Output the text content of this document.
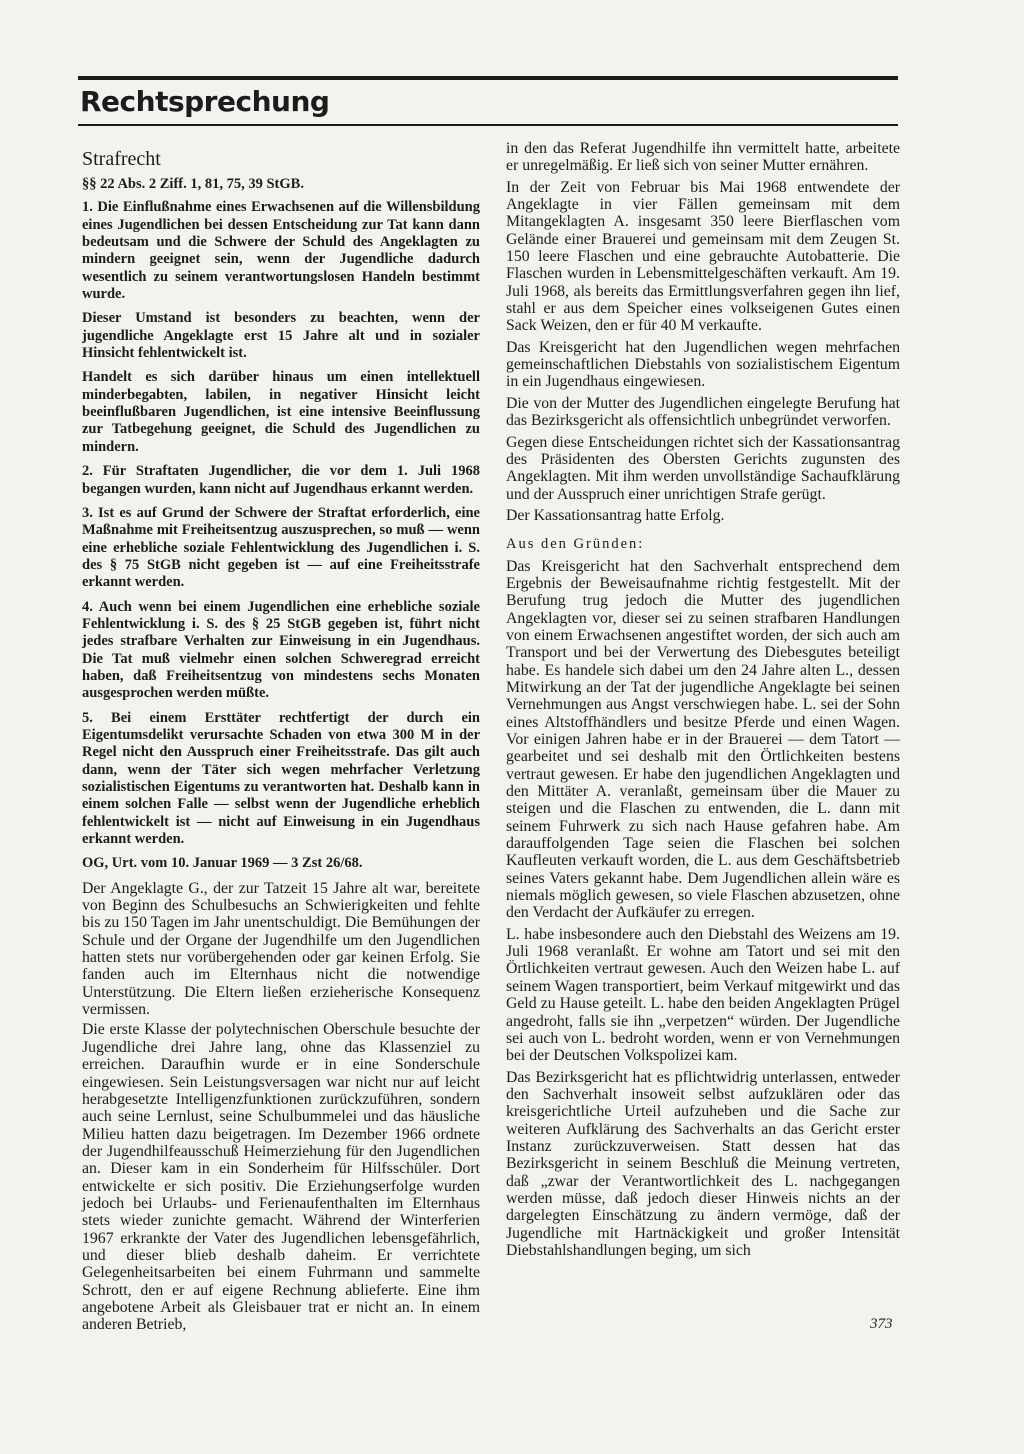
Rechtsprechung
Strafrecht

§§ 22 Abs. 2 Ziff. 1, 81, 75, 39 StGB.

1. Die Einflußnahme eines Erwachsenen auf die Willensbildung eines Jugendlichen bei dessen Entscheidung zur Tat kann dann bedeutsam und die Schwere der Schuld des Angeklagten zu mindern geeignet sein, wenn der Jugendliche dadurch wesentlich zu seinem verantwortungslosen Handeln bestimmt wurde.

Dieser Umstand ist besonders zu beachten, wenn der jugendliche Angeklagte erst 15 Jahre alt und in sozialer Hinsicht fehlentwickelt ist.

Handelt es sich darüber hinaus um einen intellektuell minderbegabten, labilen, in negativer Hinsicht leicht beeinflußbaren Jugendlichen, ist eine intensive Beeinflussung zur Tatbegehung geeignet, die Schuld des Jugendlichen zu mindern.

2. Für Straftaten Jugendlicher, die vor dem 1. Juli 1968 begangen wurden, kann nicht auf Jugendhaus erkannt werden.

3. Ist es auf Grund der Schwere der Straftat erforderlich, eine Maßnahme mit Freiheitsentzug auszusprechen, so muß — wenn eine erhebliche soziale Fehlentwicklung des Jugendlichen i. S. des § 75 StGB nicht gegeben ist — auf eine Freiheitsstrafe erkannt werden.

4. Auch wenn bei einem Jugendlichen eine erhebliche soziale Fehlentwicklung i. S. des § 25 StGB gegeben ist, führt nicht jedes strafbare Verhalten zur Einweisung in ein Jugendhaus. Die Tat muß vielmehr einen solchen Schweregrad erreicht haben, daß Freiheitsentzug von mindestens sechs Monaten ausgesprochen werden müßte.

5. Bei einem Ersttäter rechtfertigt der durch ein Eigentumsdelikt verursachte Schaden von etwa 300 M in der Regel nicht den Ausspruch einer Freiheitsstrafe. Das gilt auch dann, wenn der Täter sich wegen mehrfacher Verletzung sozialistischen Eigentums zu verantworten hat. Deshalb kann in einem solchen Falle — selbst wenn der Jugendliche erheblich fehlentwickelt ist — nicht auf Einweisung in ein Jugendhaus erkannt werden.

OG, Urt. vom 10. Januar 1969 — 3 Zst 26/68.

Der Angeklagte G., der zur Tatzeit 15 Jahre alt war, bereitete von Beginn des Schulbesuchs an Schwierigkeiten und fehlte bis zu 150 Tagen im Jahr unentschuldigt. Die Bemühungen der Schule und der Organe der Jugendhilfe um den Jugendlichen hatten stets nur vorübergehenden oder gar keinen Erfolg. Sie fanden auch im Elternhaus nicht die notwendige Unterstützung. Die Eltern ließen erzieherische Konsequenz vermissen.

Die erste Klasse der polytechnischen Oberschule besuchte der Jugendliche drei Jahre lang, ohne das Klassenziel zu erreichen. Daraufhin wurde er in eine Sonderschule eingewiesen. Sein Leistungsversagen war nicht nur auf leicht herabgesetzte Intelligenzfunktionen zurückzuführen, sondern auch seine Lernlust, seine Schulbummelei und das häusliche Milieu hatten dazu beigetragen. Im Dezember 1966 ordnete der Jugendhilfeausschuß Heimerziehung für den Jugendlichen an. Dieser kam in ein Sonderheim für Hilfsschüler. Dort entwickelte er sich positiv. Die Erziehungserfolge wurden jedoch bei Urlaubs- und Ferienaufenthalten im Elternhaus stets wieder zunichte gemacht. Während der Winterferien 1967 erkrankte der Vater des Jugendlichen lebensgefährlich, und dieser blieb deshalb daheim. Er verrichtete Gelegenheitsarbeiten bei einem Fuhrmann und sammelte Schrott, den er auf eigene Rechnung ablieferte. Eine ihm angebotene Arbeit als Gleisbauer trat er nicht an. In einem anderen Betrieb,

in den das Referat Jugendhilfe ihn vermittelt hatte, arbeitete er unregelmäßig. Er ließ sich von seiner Mutter ernähren.

In der Zeit von Februar bis Mai 1968 entwendete der Angeklagte in vier Fällen gemeinsam mit dem Mitangeklagten A. insgesamt 350 leere Bierflaschen vom Gelände einer Brauerei und gemeinsam mit dem Zeugen St. 150 leere Flaschen und eine gebrauchte Autobatterie. Die Flaschen wurden in Lebensmittelgeschäften verkauft. Am 19. Juli 1968, als bereits das Ermittlungsverfahren gegen ihn lief, stahl er aus dem Speicher eines volkseigenen Gutes einen Sack Weizen, den er für 40 M verkaufte.

Das Kreisgericht hat den Jugendlichen wegen mehrfachen gemeinschaftlichen Diebstahls von sozialistischem Eigentum in ein Jugendhaus eingewiesen.

Die von der Mutter des Jugendlichen eingelegte Berufung hat das Bezirksgericht als offensichtlich unbegründet verworfen.

Gegen diese Entscheidungen richtet sich der Kassationsantrag des Präsidenten des Obersten Gerichts zugunsten des Angeklagten. Mit ihm werden unvollständige Sachaufklärung und der Ausspruch einer unrichtigen Strafe gerügt.

Der Kassationsantrag hatte Erfolg.

Aus den Gründen:

Das Kreisgericht hat den Sachverhalt entsprechend dem Ergebnis der Beweisaufnahme richtig festgestellt. Mit der Berufung trug jedoch die Mutter des jugendlichen Angeklagten vor, dieser sei zu seinen strafbaren Handlungen von einem Erwachsenen angestiftet worden, der sich auch am Transport und bei der Verwertung des Diebesgutes beteiligt habe. Es handele sich dabei um den 24 Jahre alten L., dessen Mitwirkung an der Tat der jugendliche Angeklagte bei seinen Vernehmungen aus Angst verschwiegen habe. L. sei der Sohn eines Altstoffhändlers und besitze Pferde und einen Wagen. Vor einigen Jahren habe er in der Brauerei — dem Tatort — gearbeitet und sei deshalb mit den Örtlichkeiten bestens vertraut gewesen. Er habe den jugendlichen Angeklagten und den Mittäter A. veranlaßt, gemeinsam über die Mauer zu steigen und die Flaschen zu entwenden, die L. dann mit seinem Fuhrwerk zu sich nach Hause gefahren habe. Am darauffolgenden Tage seien die Flaschen bei solchen Kaufleuten verkauft worden, die L. aus dem Geschäftsbetrieb seines Vaters gekannt habe. Dem Jugendlichen allein wäre es niemals möglich gewesen, so viele Flaschen abzusetzen, ohne den Verdacht der Aufkäufer zu erregen.

L. habe insbesondere auch den Diebstahl des Weizens am 19. Juli 1968 veranlaßt. Er wohne am Tatort und sei mit den Örtlichkeiten vertraut gewesen. Auch den Weizen habe L. auf seinem Wagen transportiert, beim Verkauf mitgewirkt und das Geld zu Hause geteilt. L. habe den beiden Angeklagten Prügel angedroht, falls sie ihn „verpetzen“ würden. Der Jugendliche sei auch von L. bedroht worden, wenn er von Vernehmungen bei der Deutschen Volkspolizei kam.

Das Bezirksgericht hat es pflichtwidrig unterlassen, entweder den Sachverhalt insoweit selbst aufzuklären oder das kreisgerichtliche Urteil aufzuheben und die Sache zur weiteren Aufklärung des Sachverhalts an das Gericht erster Instanz zurückzuverweisen. Statt dessen hat das Bezirksgericht in seinem Beschluß die Meinung vertreten, daß „zwar der Verantwortlichkeit des L. nachgegangen werden müsse, daß jedoch dieser Hinweis nichts an der dargelegten Einschätzung zu ändern vermöge, daß der Jugendliche mit Hartnäckigkeit und großer Intensität Diebstahlshandlungen beging, um sich

373
